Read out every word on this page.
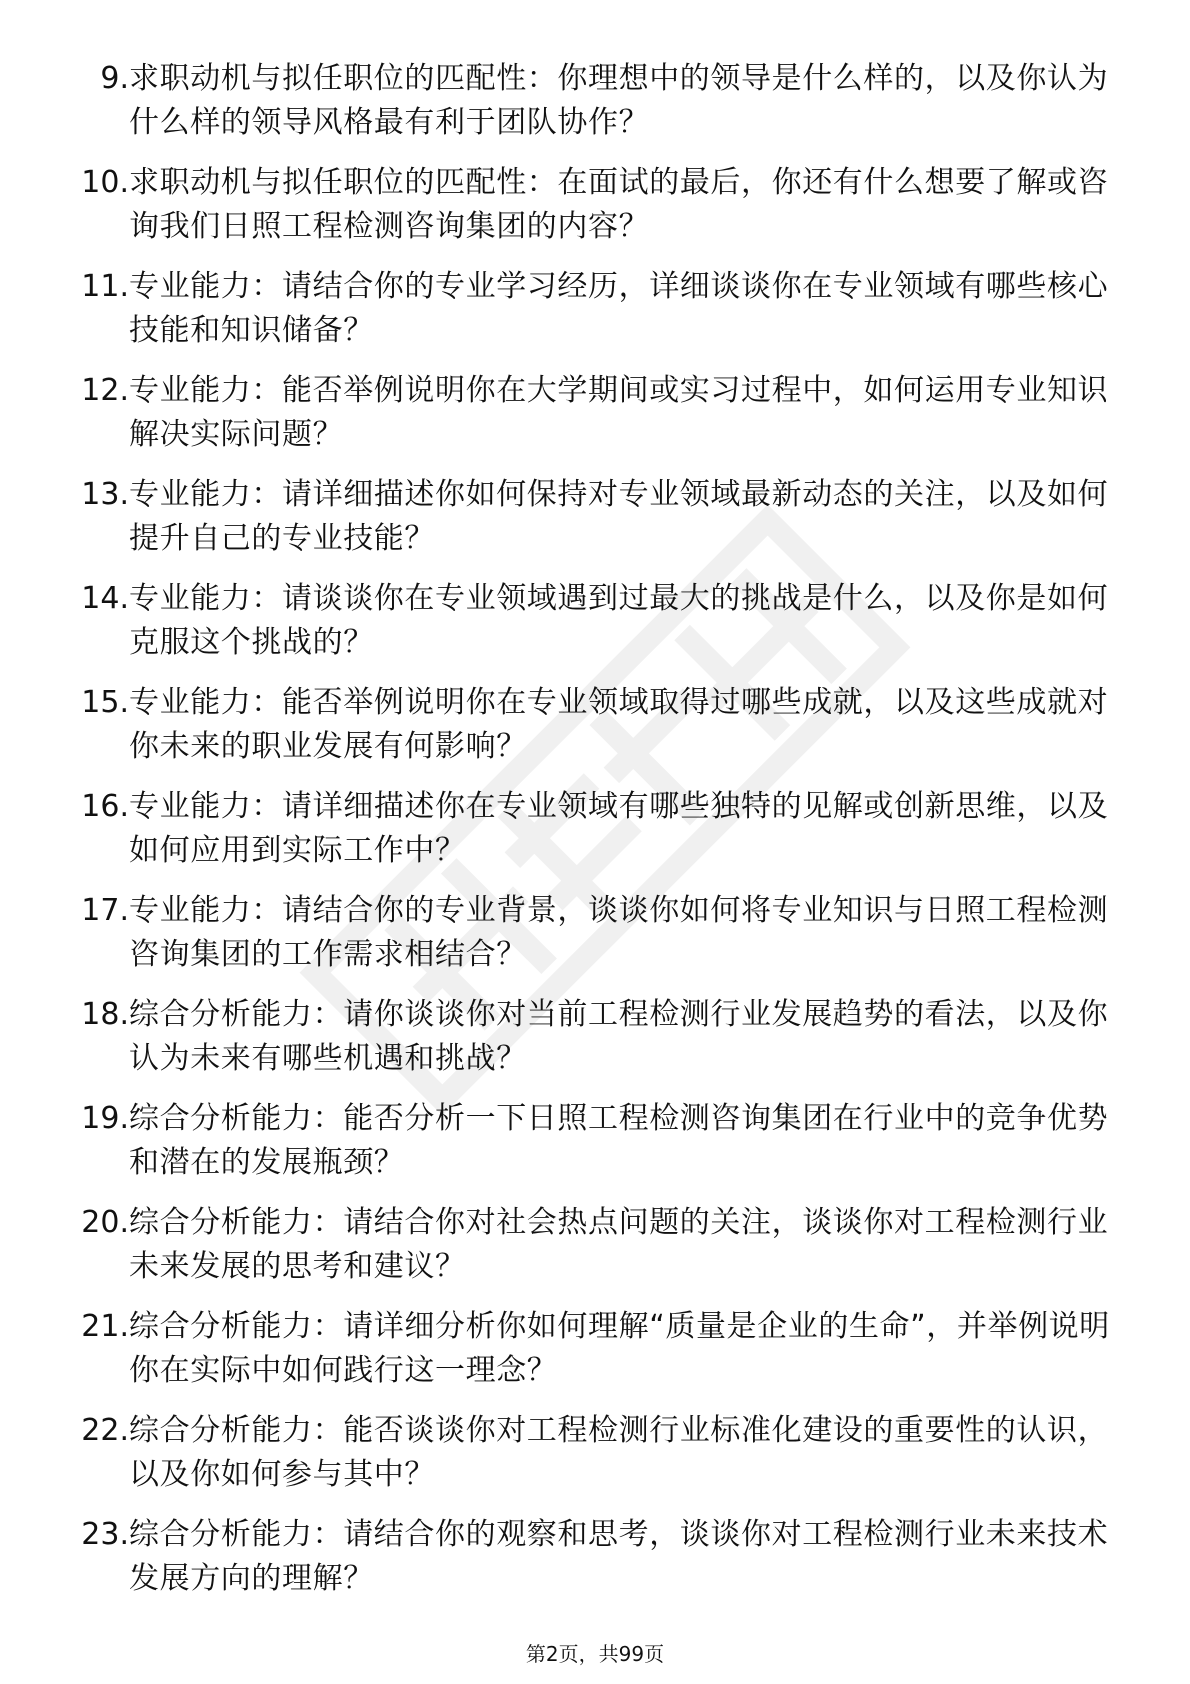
9. 求职动机与拟任职位的匹配性：你理想中的领导是什么样的，以及你认为什么样的领导风格最有利于团队协作？
10. 求职动机与拟任职位的匹配性：在面试的最后，你还有什么想要了解或咨询我们日照工程检测咨询集团的内容？
11. 专业能力：请结合你的专业学习经历，详细谈谈你在专业领域有哪些核心技能和知识储备？
12. 专业能力：能否举例说明你在大学期间或实习过程中，如何运用专业知识解决实际问题？
13. 专业能力：请详细描述你如何保持对专业领域最新动态的关注，以及如何提升自己的专业技能？
14. 专业能力：请谈谈你在专业领域遇到过最大的挑战是什么，以及你是如何克服这个挑战的？
15. 专业能力：能否举例说明你在专业领域取得过哪些成就，以及这些成就对你未来的职业发展有何影响？
16. 专业能力：请详细描述你在专业领域有哪些独特的见解或创新思维，以及如何应用到实际工作中？
17. 专业能力：请结合你的专业背景，谈谈你如何将专业知识与日照工程检测咨询集团的工作需求相结合？
18. 综合分析能力：请你谈谈你对当前工程检测行业发展趋势的看法，以及你认为未来有哪些机遇和挑战？
19. 综合分析能力：能否分析一下日照工程检测咨询集团在行业中的竞争优势和潜在的发展瓶颈？
20. 综合分析能力：请结合你对社会热点问题的关注，谈谈你对工程检测行业未来发展的思考和建议？
21. 综合分析能力：请详细分析你如何理解“质量是企业的生命”，并举例说明你在实际中如何践行这一理念？
22. 综合分析能力：能否谈谈你对工程检测行业标准化建设的重要性的认识，以及你如何参与其中？
23. 综合分析能力：请结合你的观察和思考，谈谈你对工程检测行业未来技术发展方向的理解？
第2页，共99页
